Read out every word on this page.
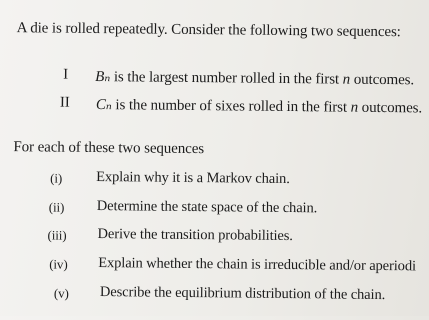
A die is rolled repeatedly. Consider the following two sequences:
I Bₙ is the largest number rolled in the first n outcomes.
II Cₙ is the number of sixes rolled in the first n outcomes.
For each of these two sequences
(i) Explain why it is a Markov chain.
(ii) Determine the state space of the chain.
(iii) Derive the transition probabilities.
(iv) Explain whether the chain is irreducible and/or aperiodi
(v) Describe the equilibrium distribution of the chain.
